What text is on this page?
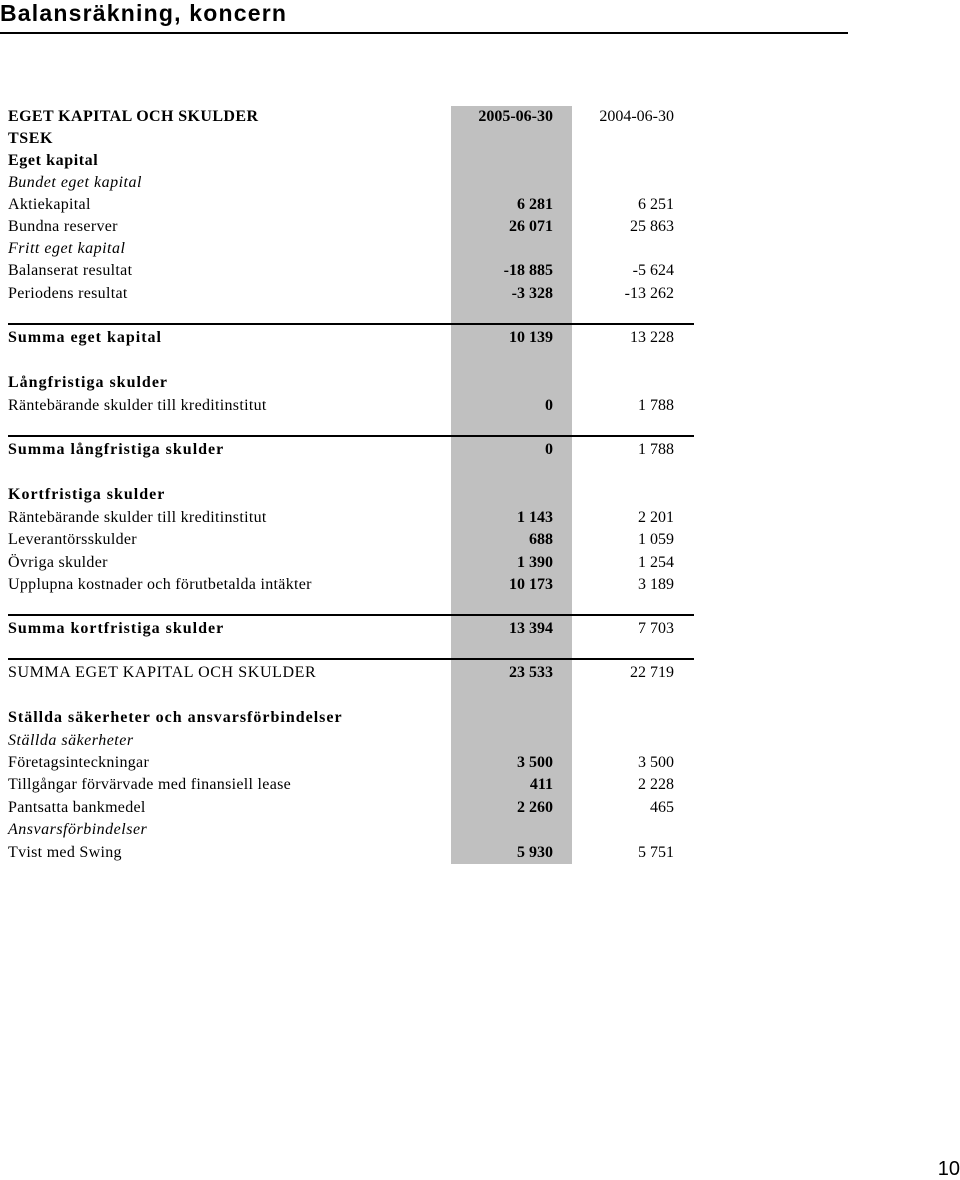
Balansräkning, koncern
EGET KAPITAL OCH SKULDER	2005-06-30	2004-06-30
TSEK
Eget kapital
Bundet eget kapital
Aktiekapital	6 281	6 251
Bundna reserver	26 071	25 863
Fritt eget kapital
Balanserat resultat	-18 885	-5 624
Periodens resultat	-3 328	-13 262
Summa eget kapital	10 139	13 228
Långfristiga skulder
Räntebärande skulder till kreditinstitut	0	1 788
Summa långfristiga skulder	0	1 788
Kortfristiga skulder
Räntebärande skulder till kreditinstitut	1 143	2 201
Leverantörsskulder	688	1 059
Övriga skulder	1 390	1 254
Upplupna kostnader och förutbetalda intäkter	10 173	3 189
Summa kortfristiga skulder	13 394	7 703
SUMMA EGET KAPITAL OCH SKULDER	23 533	22 719
Ställda säkerheter och ansvarsförbindelser
Ställda säkerheter
Företagsinteckningar	3 500	3 500
Tillgångar förvärvade med finansiell lease	411	2 228
Pantsatta bankmedel	2 260	465
Ansvarsförbindelser
Tvist med Swing	5 930	5 751
10
